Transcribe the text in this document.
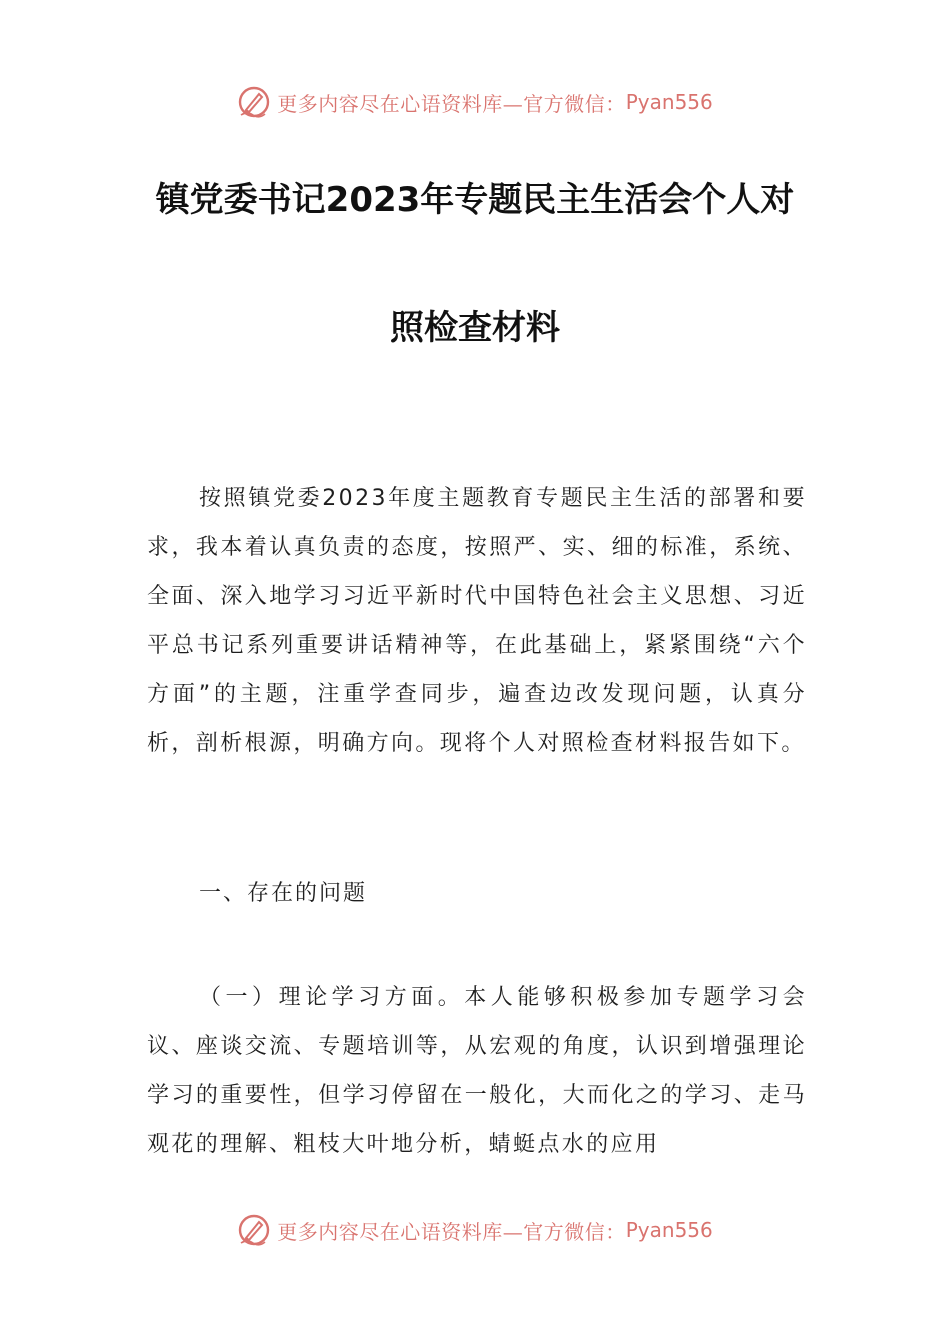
更多内容尽在心语资料库—官方微信： Pyan556
镇党委书记2023年专题民主生活会个人对
照检查材料
按照镇党委2023年度主题教育专题民主生活的部署和要求，我本着认真负责的态度，按照严、实、细的标准，系统、全面、深入地学习习近平新时代中国特色社会主义思想、习近平总书记系列重要讲话精神等，在此基础上，紧紧围绕“六个方面”的主题，注重学查同步，遍查边改发现问题，认真分析，剖析根源，明确方向。现将个人对照检查材料报告如下。
一、存在的问题
（一）理论学习方面。本人能够积极参加专题学习会议、座谈交流、专题培训等，从宏观的角度，认识到增强理论学习的重要性，但学习停留在一般化，大而化之的学习、走马观花的理解、粗枝大叶地分析，蜻蜓点水的应用
更多内容尽在心语资料库—官方微信： Pyan556
